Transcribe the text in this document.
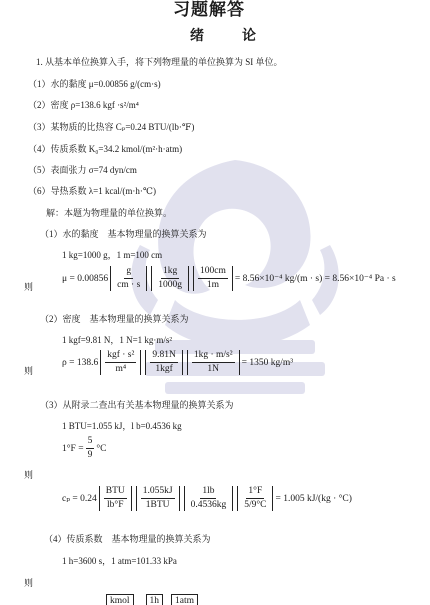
习题解答
绪　论
1. 从基本单位换算入手，将下列物理量的单位换算为 SI 单位。
（1）水的黏度 μ=0.00856 g/(cm·s)
（2）密度 ρ=138.6 kgf ·s²/m⁴
（3）某物质的比热容 Cₚ=0.24 BTU/(lb·℉)
（4）传质系数 K₀=34.2 kmol/(m²·h·atm)
（5）表面张力 σ=74 dyn/cm
（6）导热系数 λ=1 kcal/(m·h·℃)
解：本题为物理量的单位换算。
（1）水的黏度　基本物理量的换算关系为
1 kg=1000 g，1 m=100 cm
则
$\mu = 0.00856 \frac{g}{cm \cdot s} \frac{1kg}{1000g} \frac{100cm}{1m} = 8.56\times 10^{-4}$ kg/(m · s) = 8.56×10⁻⁴ Pa · s
（2）密度　基本物理量的换算关系为
1 kgf=9.81 N，1 N=1 kg·m/s²
则
$\rho = 138.6 \frac{\text{kgf · s²}}{\text{m⁴}} \frac{9.81N}{\text{1kgf}} \frac{\text{1kg · m/s²}}{1N} = 1350$ kg/m³
（3）从附录二查出有关基本物理量的换算关系为
1 BTU=1.055 kJ，l b=0.4536 kg
$1^\circ F = \frac{5}{9} ^\circ C$
则
$c_p = 0.24 \frac{\text{BTU}}{lb^\circ F} \frac{1.055kJ}{\text{1BTU}} \frac{1lb}{0.4536kg} \frac{1^\circ F}{5/9^\circ C} = 1.005$ kJ/(kg · °C)
（4）传质系数　基本物理量的换算关系为
1 h=3600 s，1 atm=101.33 kPa
则
kmol 1h 1atm
